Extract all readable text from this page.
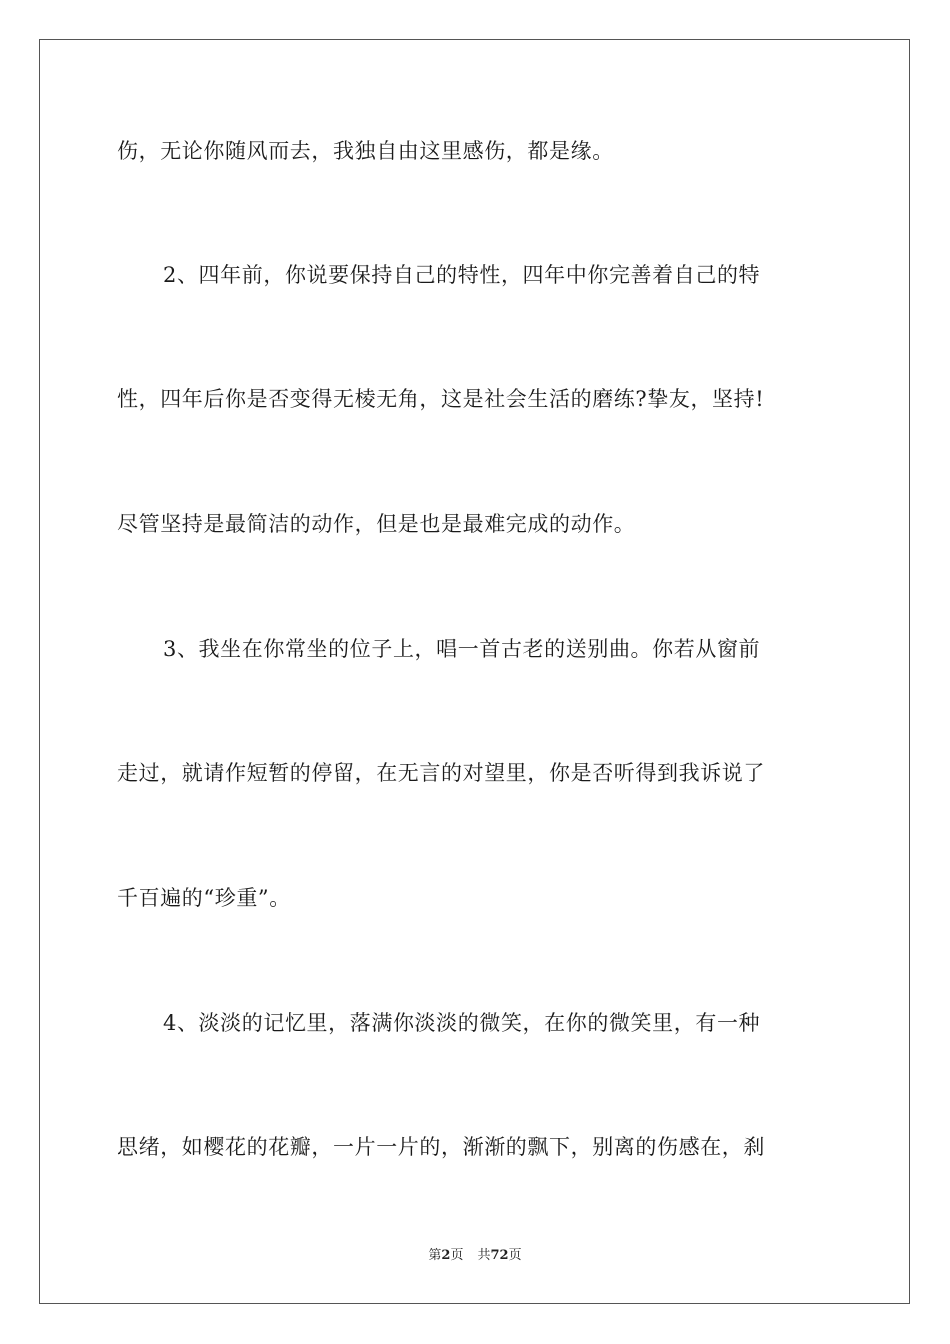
伤，无论你随风而去，我独自由这里感伤，都是缘。
2、四年前，你说要保持自己的特性，四年中你完善着自己的特
性，四年后你是否变得无棱无角，这是社会生活的磨练?挚友，坚持!
尽管坚持是最简洁的动作，但是也是最难完成的动作。
3、我坐在你常坐的位子上，唱一首古老的送别曲。你若从窗前
走过，就请作短暂的停留，在无言的对望里，你是否听得到我诉说了
千百遍的“珍重”。
4、淡淡的记忆里，落满你淡淡的微笑，在你的微笑里，有一种
思绪，如樱花的花瓣，一片一片的，渐渐的飘下，别离的伤感在，刹
第2页 共72页
